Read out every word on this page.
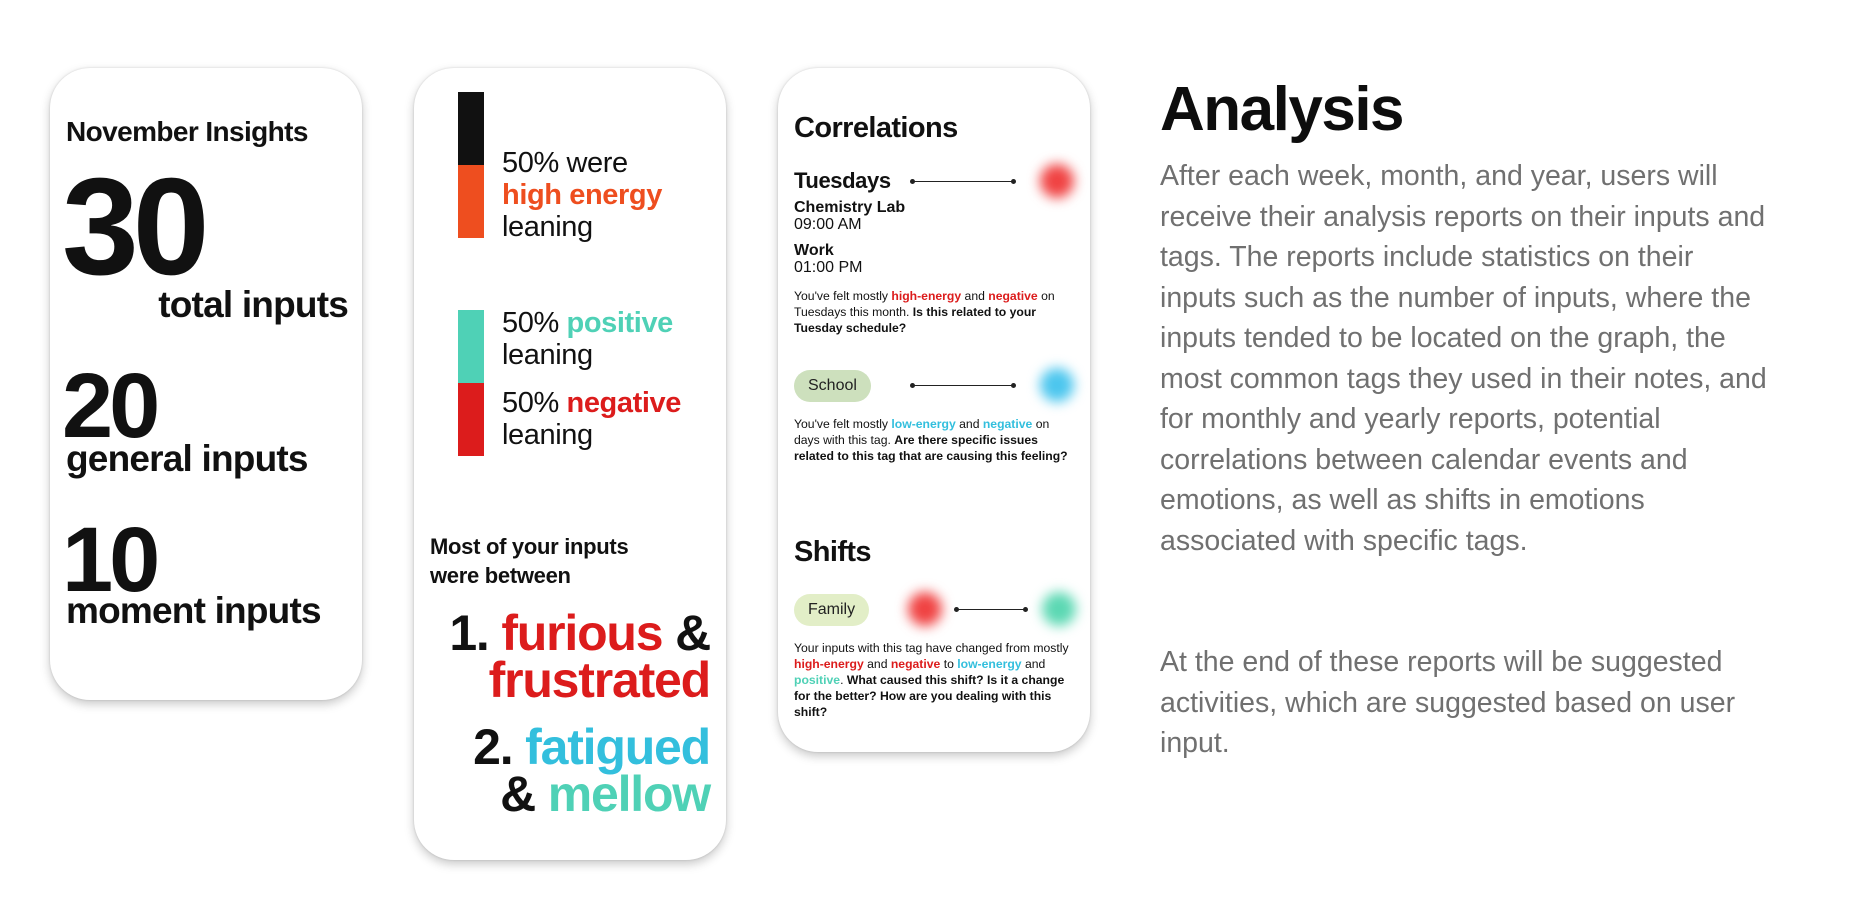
November Insights
30
total inputs
20
general inputs
10
moment inputs
50% were
high energy
leaning
50% positive
leaning
50% negative
leaning
Most of your inputs
were between
1. furious &
frustrated
2. fatigued
& mellow
Correlations
Tuesdays
Chemistry Lab
09:00 AM
Work
01:00 PM
You've felt mostly high-energy and negative on Tuesdays this month. Is this related to your Tuesday schedule?
School
You've felt mostly low-energy and negative on days with this tag. Are there specific issues related to this tag that are causing this feeling?
Shifts
Family
Your inputs with this tag have changed from mostly high-energy and negative to low-energy and positive. What caused this shift? Is it a change for the better? How are you dealing with this shift?
Analysis
After each week, month, and year, users will receive their analysis reports on their inputs and tags. The reports include statistics on their inputs such as the number of inputs, where the inputs tended to be located on the graph, the most common tags they used in their notes, and for monthly and yearly reports, potential correlations between calendar events and emotions, as well as shifts in emotions associated with specific tags.
At the end of these reports will be suggested activities, which are suggested based on user input.
